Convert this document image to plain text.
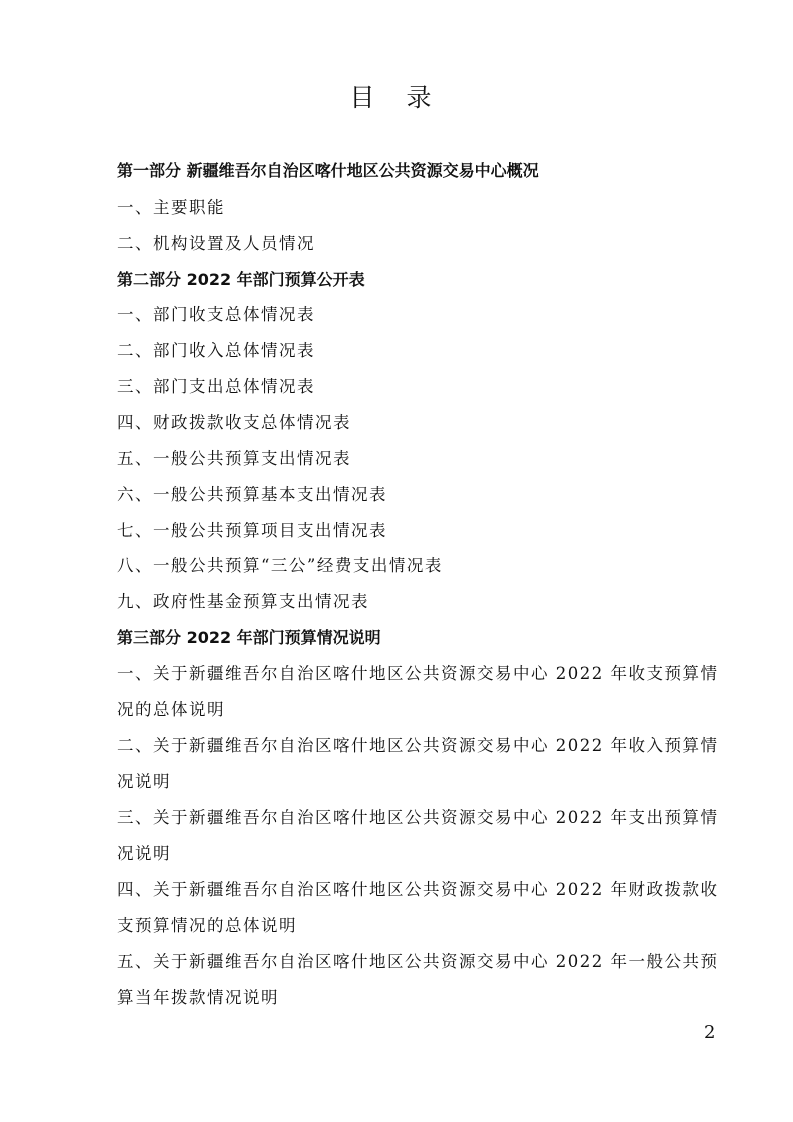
目 录
第一部分 新疆维吾尔自治区喀什地区公共资源交易中心概况
一、主要职能
二、机构设置及人员情况
第二部分 2022 年部门预算公开表
一、部门收支总体情况表
二、部门收入总体情况表
三、部门支出总体情况表
四、财政拨款收支总体情况表
五、一般公共预算支出情况表
六、一般公共预算基本支出情况表
七、一般公共预算项目支出情况表
八、一般公共预算“三公”经费支出情况表
九、政府性基金预算支出情况表
第三部分 2022 年部门预算情况说明
一、关于新疆维吾尔自治区喀什地区公共资源交易中心 2022 年收支预算情
况的总体说明
二、关于新疆维吾尔自治区喀什地区公共资源交易中心 2022 年收入预算情
况说明
三、关于新疆维吾尔自治区喀什地区公共资源交易中心 2022 年支出预算情
况说明
四、关于新疆维吾尔自治区喀什地区公共资源交易中心 2022 年财政拨款收
支预算情况的总体说明
五、关于新疆维吾尔自治区喀什地区公共资源交易中心 2022 年一般公共预
算当年拨款情况说明
2
